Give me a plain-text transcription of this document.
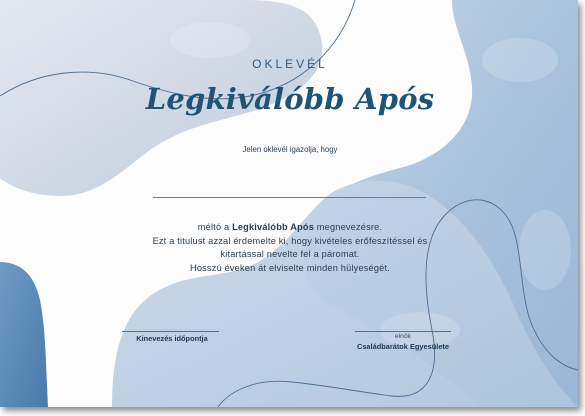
OKLEVÉL
Legkiválóbb Após
Jelen oklevél igazolja, hogy
méltó a Legkiválóbb Após megnevezésre.
Ezt a titulust azzal érdemelte ki, hogy kivételes erőfeszítéssel és
kitartással nevelte fel a páromat.
Hosszú éveken át elviselte minden hülyeségét.
Kinevezés időpontja	elnök
Családbarátok Egyesülete
